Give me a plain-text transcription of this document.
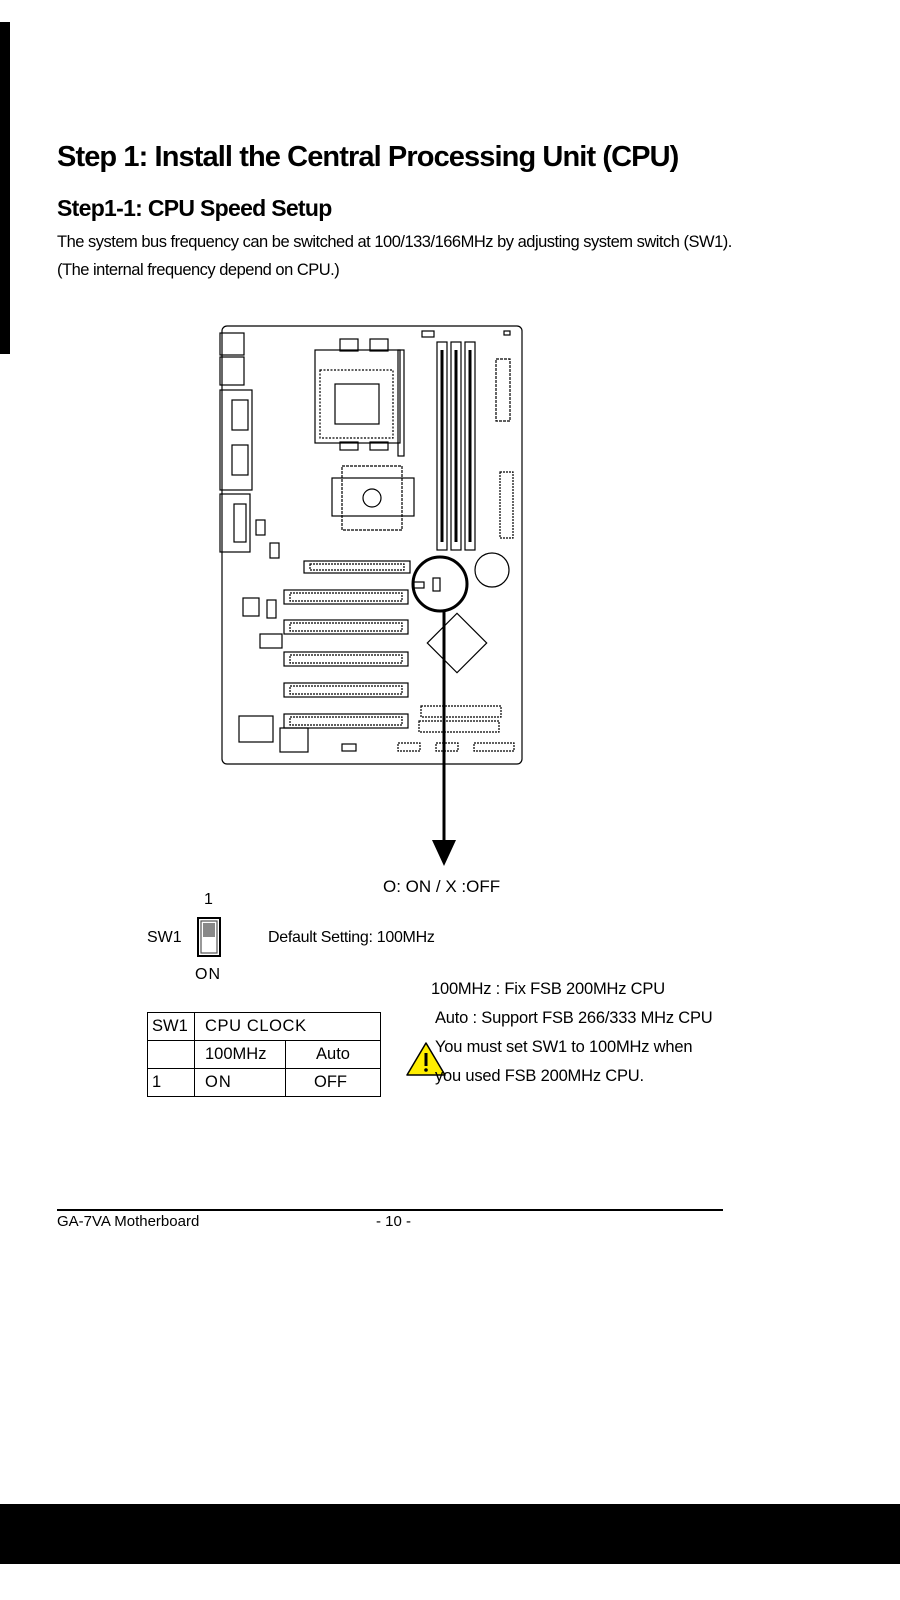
Step 1: Install the Central Processing Unit (CPU)
Step1-1: CPU Speed Setup
The system bus frequency can be switched at 100/133/166MHz by adjusting system switch (SW1).
(The internal frequency depend on CPU.)
O: ON / X :OFF
1
SW1
ON
Default Setting: 100MHz
SW1	CPU CLOCK	
	100MHz	Auto
1	ON	OFF
100MHz : Fix FSB 200MHz CPU
Auto : Support FSB 266/333 MHz CPU
You must set SW1 to 100MHz when
you used FSB 200MHz CPU.
GA-7VA Motherboard	- 10 -
